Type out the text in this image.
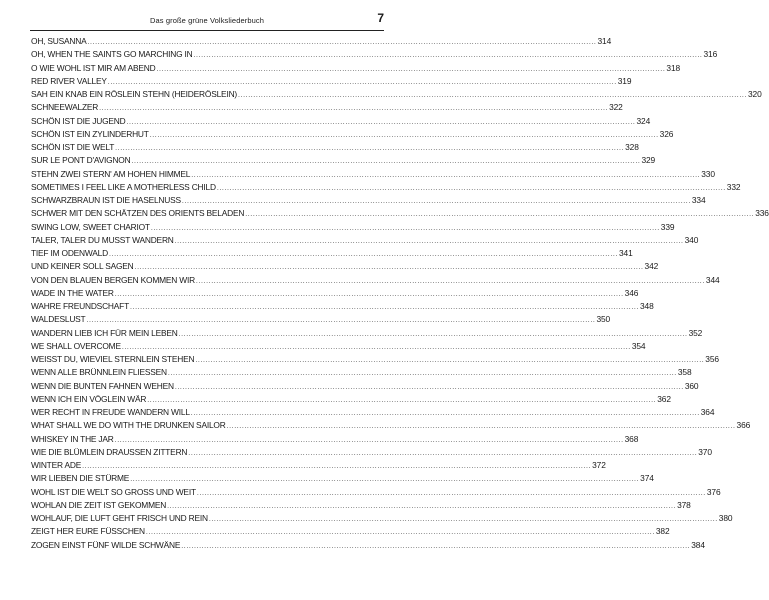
Das große grüne Volksliederbuch	7
OH, SUSANNA ........................................................................................................................................................................................................ 314
OH, WHEN THE SAINTS GO MARCHING IN ........................................................................................................................................................................................................ 316
O WIE WOHL IST MIR AM ABEND ........................................................................................................................................................................................................ 318
RED RIVER VALLEY ........................................................................................................................................................................................................ 319
SAH EIN KNAB EIN RÖSLEIN STEHN (HEIDERÖSLEIN) ........................................................................................................................................................................................................ 320
SCHNEEWALZER ........................................................................................................................................................................................................ 322
SCHÖN IST DIE JUGEND ........................................................................................................................................................................................................ 324
SCHÖN IST EIN ZYLINDERHUT ........................................................................................................................................................................................................ 326
SCHÖN IST DIE WELT ........................................................................................................................................................................................................ 328
SUR LE PONT D'AVIGNON ........................................................................................................................................................................................................ 329
STEHN ZWEI STERN' AM HOHEN HIMMEL ........................................................................................................................................................................................................ 330
SOMETIMES I FEEL LIKE A MOTHERLESS CHILD ........................................................................................................................................................................................................ 332
SCHWARZBRAUN IST DIE HASELNUSS ........................................................................................................................................................................................................ 334
SCHWER MIT DEN SCHÄTZEN DES ORIENTS BELADEN ........................................................................................................................................................................................................ 336
SWING LOW, SWEET CHARIOT ........................................................................................................................................................................................................ 339
TALER, TALER DU MUSST WANDERN ........................................................................................................................................................................................................ 340
TIEF IM ODENWALD ........................................................................................................................................................................................................ 341
UND KEINER SOLL SAGEN ........................................................................................................................................................................................................ 342
VON DEN BLAUEN BERGEN KOMMEN WIR ........................................................................................................................................................................................................ 344
WADE IN THE WATER ........................................................................................................................................................................................................ 346
WAHRE FREUNDSCHAFT ........................................................................................................................................................................................................ 348
WALDESLUST ........................................................................................................................................................................................................ 350
WANDERN LIEB ICH FÜR MEIN LEBEN ........................................................................................................................................................................................................ 352
WE SHALL OVERCOME ........................................................................................................................................................................................................ 354
WEISST DU, WIEVIEL STERNLEIN STEHEN ........................................................................................................................................................................................................ 356
WENN ALLE BRÜNNLEIN FLIESSEN ........................................................................................................................................................................................................ 358
WENN DIE BUNTEN FAHNEN WEHEN ........................................................................................................................................................................................................ 360
WENN ICH EIN VÖGLEIN WÄR ........................................................................................................................................................................................................ 362
WER RECHT IN FREUDE WANDERN WILL ........................................................................................................................................................................................................ 364
WHAT SHALL WE DO WITH THE DRUNKEN SAILOR ........................................................................................................................................................................................................ 366
WHISKEY IN THE JAR ........................................................................................................................................................................................................ 368
WIE DIE BLÜMLEIN DRAUSSEN ZITTERN ........................................................................................................................................................................................................ 370
WINTER ADE ........................................................................................................................................................................................................ 372
WIR LIEBEN DIE STÜRME ........................................................................................................................................................................................................ 374
WOHL IST DIE WELT SO GROSS UND WEIT ........................................................................................................................................................................................................ 376
WOHLAN DIE ZEIT IST GEKOMMEN ........................................................................................................................................................................................................ 378
WOHLAUF, DIE LUFT GEHT FRISCH UND REIN ........................................................................................................................................................................................................ 380
ZEIGT HER EURE FÜSSCHEN ........................................................................................................................................................................................................ 382
ZOGEN EINST FÜNF WILDE SCHWÄNE ........................................................................................................................................................................................................ 384
